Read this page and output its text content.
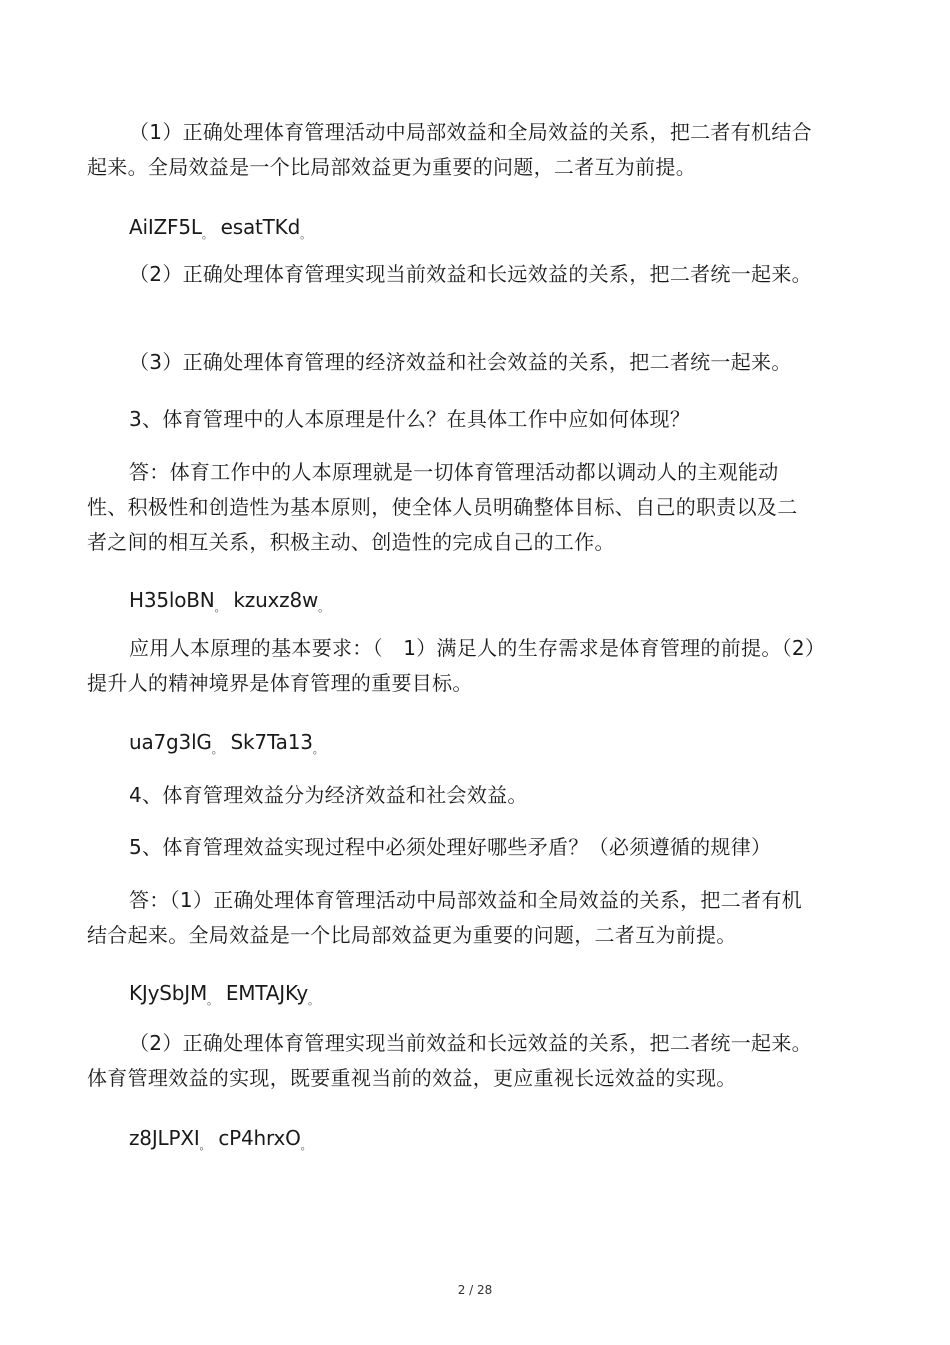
（1）正确处理体育管理活动中局部效益和全局效益的关系，把二者有机结合起来。全局效益是一个比局部效益更为重要的问题，二者互为前提。

$AiIZF5L_。$ esatTKd$_。$

（2）正确处理体育管理实现当前效益和长远效益的关系，把二者统一起来。

（3）正确处理体育管理的经济效益和社会效益的关系，把二者统一起来。

3、体育管理中的人本原理是什么？在具体工作中应如何体现？

答：体育工作中的人本原理就是一切体育管理活动都以调动人的主观能动性、积极性和创造性为基本原则，使全体人员明确整体目标、自己的职责以及二者之间的相互关系，积极主动、创造性的完成自己的工作。

H35loBN$_。$ $kzuxz8w_。$

应用人本原理的基本要求：（　1）满足人的生存需求是体育管理的前提。（2）提升人的精神境界是体育管理的重要目标。

$ua7g3lG_。$ $Sk7Ta13_。$

4、体育管理效益分为经济效益和社会效益。

5、体育管理效益实现过程中必须处理好哪些矛盾？（必须遵循的规律）

答：（1）正确处理体育管理活动中局部效益和全局效益的关系，把二者有机结合起来。全局效益是一个比局部效益更为重要的问题，二者互为前提。

KJySbJM$_。$ EMTAJKy$_。$

（2）正确处理体育管理实现当前效益和长远效益的关系，把二者统一起来。体育管理效益的实现，既要重视当前的效益，更应重视长远效益的实现。

$z8JLPXI_。$ cP4hrxO$_。$

2 / 28
